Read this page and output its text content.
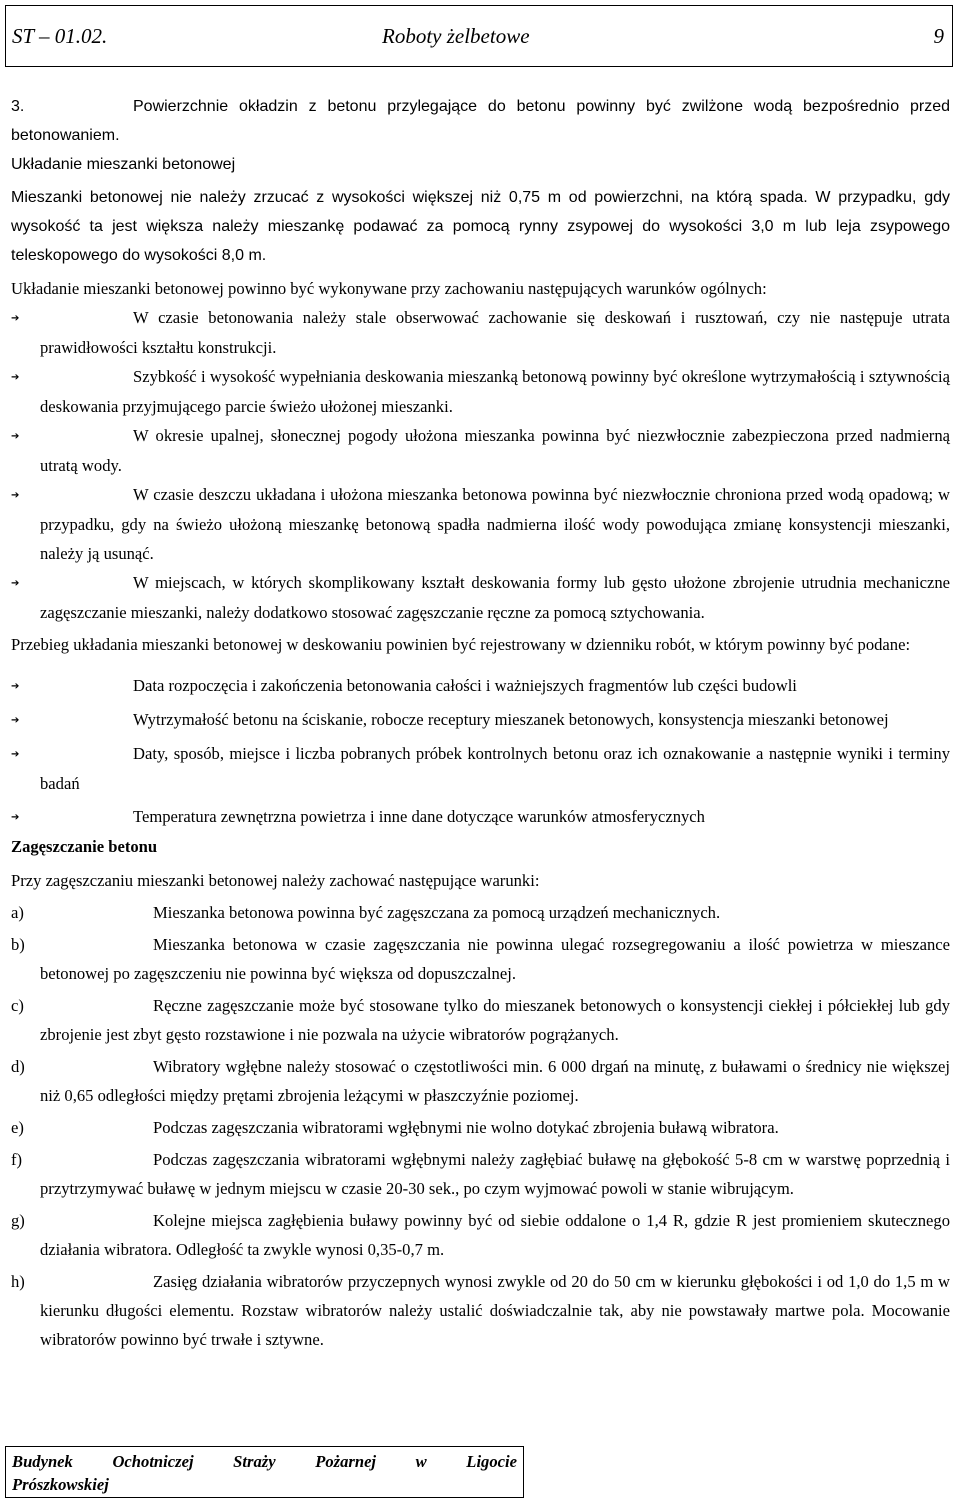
ST – 01.02.	Roboty żelbetowe	9
3.	Powierzchnie okładzin z betonu przylegające do betonu powinny być zwilżone wodą bezpośrednio przed betonowaniem.

Układanie mieszanki betonowej

Mieszanki betonowej nie należy zrzucać z wysokości większej niż 0,75 m od powierzchni, na którą spada. W przypadku, gdy wysokość ta jest większa należy mieszankę podawać za pomocą rynny zsypowej do wysokości 3,0 m lub leja zsypowego teleskopowego do wysokości 8,0 m.

Układanie mieszanki betonowej powinno być wykonywane przy zachowaniu następujących warunków ogólnych:

➔	W czasie betonowania należy stale obserwować zachowanie się deskowań i rusztowań, czy nie następuje utrata prawidłowości kształtu konstrukcji.
➔	Szybkość i wysokość wypełniania deskowania mieszanką betonową powinny być określone wytrzymałością i sztywnością deskowania przyjmującego parcie świeżo ułożonej mieszanki.
➔	W okresie upalnej, słonecznej pogody ułożona mieszanka powinna być niezwłocznie zabezpieczona przed nadmierną utratą wody.
➔	W czasie deszczu układana i ułożona mieszanka betonowa powinna być niezwłocznie chroniona przed wodą opadową; w przypadku, gdy na świeżo ułożoną mieszankę betonową spadła nadmierna ilość wody powodująca zmianę konsystencji mieszanki, należy ją usunąć.
➔	W miejscach, w których skomplikowany kształt deskowania formy lub gęsto ułożone zbrojenie utrudnia mechaniczne zagęszczanie mieszanki, należy dodatkowo stosować zagęszczanie ręczne za pomocą sztychowania.
Przebieg układania mieszanki betonowej w deskowaniu powinien być rejestrowany w dzienniku robót, w którym powinny być podane:
➔	Data rozpoczęcia i zakończenia betonowania całości i ważniejszych fragmentów lub części budowli
➔	Wytrzymałość betonu na ściskanie, robocze receptury mieszanek betonowych, konsystencja mieszanki betonowej
➔	Daty, sposób, miejsce i liczba pobranych próbek kontrolnych betonu oraz ich oznakowanie a następnie wyniki i terminy badań
➔	Temperatura zewnętrzna powietrza i inne dane dotyczące warunków atmosferycznych

Zagęszczanie betonu

Przy zagęszczaniu mieszanki betonowej należy zachować następujące warunki:

a)	Mieszanka betonowa powinna być zagęszczana za pomocą urządzeń mechanicznych.
b)	Mieszanka betonowa w czasie zagęszczania nie powinna ulegać rozsegregowaniu a ilość powietrza w mieszance betonowej po zagęszczeniu nie powinna być większa od dopuszczalnej.
c)	Ręczne zagęszczanie może być stosowane tylko do mieszanek betonowych o konsystencji ciekłej i półciekłej lub gdy zbrojenie jest zbyt gęsto rozstawione i nie pozwala na użycie wibratorów pogrążanych.
d)	Wibratory wgłębne należy stosować o częstotliwości min. 6 000 drgań na minutę, z buławami o średnicy nie większej niż 0,65 odległości między prętami zbrojenia leżącymi w płaszczyźnie poziomej.
e)	Podczas zagęszczania wibratorami wgłębnymi nie wolno dotykać zbrojenia buławą wibratora.
f)	Podczas zagęszczania wibratorami wgłębnymi należy zagłębiać buławę na głębokość 5-8 cm w warstwę poprzednią i przytrzymywać buławę w jednym miejscu w czasie 20-30 sek., po czym wyjmować powoli w stanie wibrującym.
g)	Kolejne miejsca zagłębienia buławy powinny być od siebie oddalone o 1,4 R, gdzie R jest promieniem skutecznego działania wibratora. Odległość ta zwykle wynosi 0,35-0,7 m.
h)	Zasięg działania wibratorów przyczepnych wynosi zwykle od 20 do 50 cm w kierunku głębokości i od 1,0 do 1,5 m w kierunku długości elementu. Rozstaw wibratorów należy ustalić doświadczalnie tak, aby nie powstawały martwe pola. Mocowanie wibratorów powinno być trwałe i sztywne.
Budynek Ochotniczej Straży Pożarnej w Ligocie
Prószkowskiej
